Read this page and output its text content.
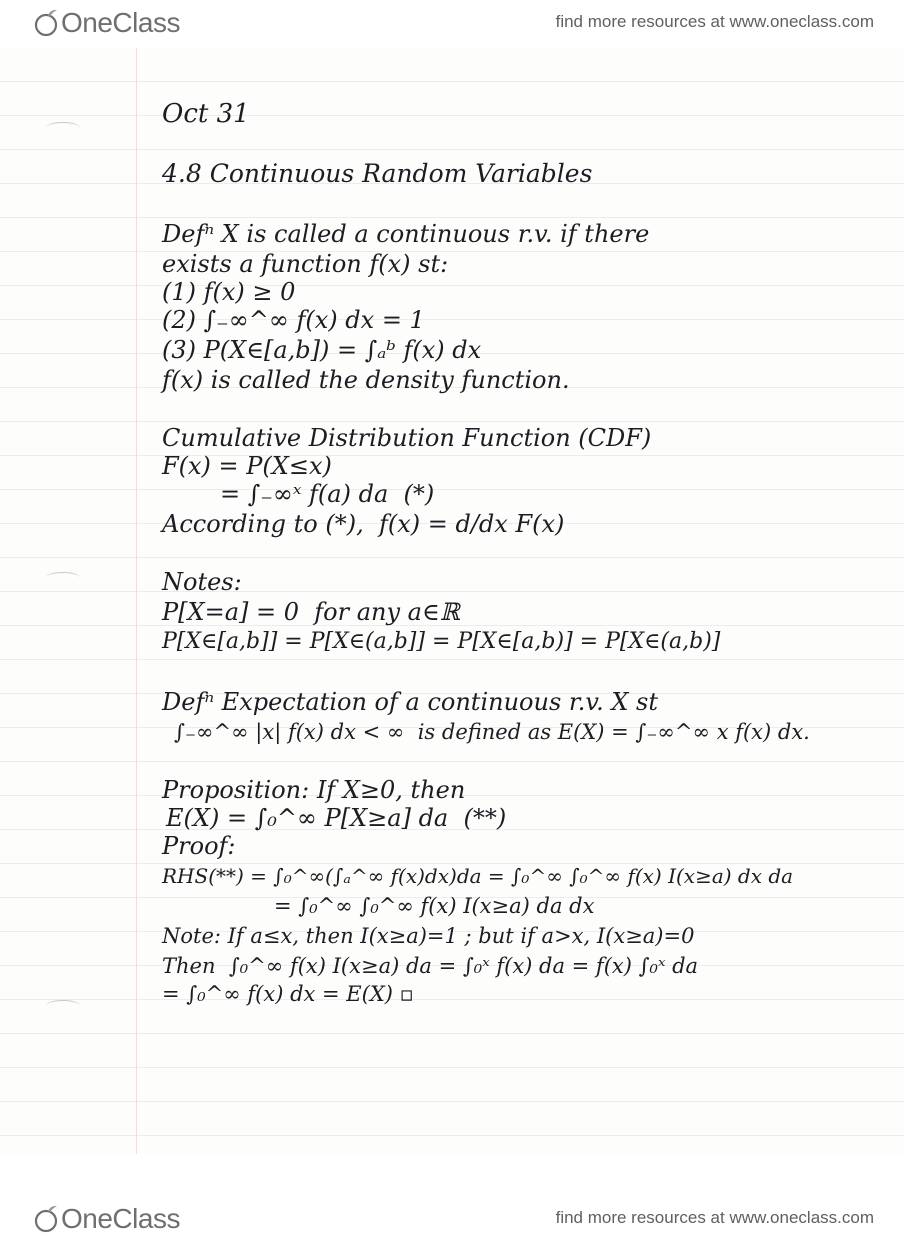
OneClass	find more resources at www.oneclass.com
Oct 31
4.8 Continuous Random Variables
Defⁿ X is called a continuous r.v. if there
exists a function f(x) st:
(1) f(x) ≥ 0
(2) ∫₋∞^∞ f(x) dx = 1
(3) P(X∈[a,b]) = ∫ₐᵇ f(x) dx
f(x) is called the density function.
Cumulative Distribution Function (CDF)
F(x) = P(X≤x)
= ∫₋∞ˣ f(a) da  (*)
According to (*),  f(x) = d/dx F(x)
Notes:
P[X=a] = 0  for any a∈ℝ
P[X∈[a,b]] = P[X∈(a,b]] = P[X∈[a,b)] = P[X∈(a,b)]
Defⁿ Expectation of a continuous r.v. X st
∫₋∞^∞ |x| f(x) dx < ∞  is defined as E(X) = ∫₋∞^∞ x f(x) dx.
Proposition: If X≥0, then
E(X) = ∫₀^∞ P[X≥a] da  (**)
Proof:
RHS(**) = ∫₀^∞(∫ₐ^∞ f(x)dx)da = ∫₀^∞ ∫₀^∞ f(x) I(x≥a) dx da
= ∫₀^∞ ∫₀^∞ f(x) I(x≥a) da dx
Note: If a≤x, then I(x≥a)=1 ; but if a>x, I(x≥a)=0
Then  ∫₀^∞ f(x) I(x≥a) da = ∫₀ˣ f(x) da = f(x) ∫₀ˣ da
= ∫₀^∞ f(x) dx = E(X) ▫
OneClass	find more resources at www.oneclass.com
